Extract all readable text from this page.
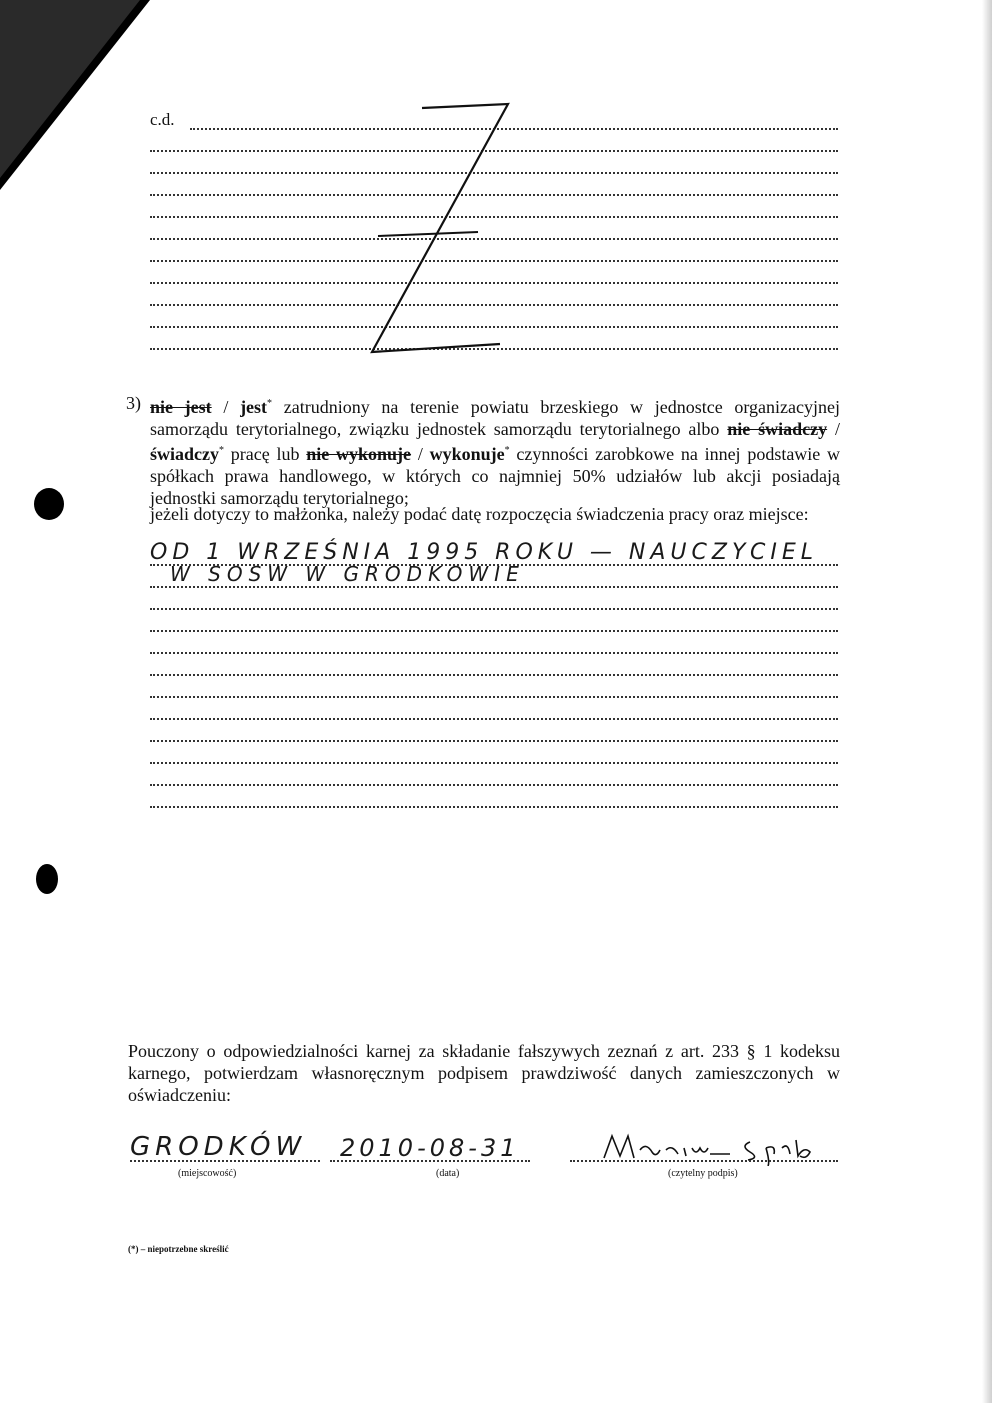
c.d.
3) nie jest / jest* zatrudniony na terenie powiatu brzeskiego w jednostce organizacyjnej samorządu terytorialnego, związku jednostek samorządu terytorialnego albo nie świadczy / świadczy* pracę lub nie wykonuje / wykonuje* czynności zarobkowe na innej podstawie w spółkach prawa handlowego, w których co najmniej 50% udziałów lub akcji posiadają jednostki samorządu terytorialnego;
jeżeli dotyczy to małżonka, należy podać datę rozpoczęcia świadczenia pracy oraz miejsce:
OD 1 WRZEŚNIA 1995 ROKU — NAUCZYCIEL
W SOSW W GRODKOWIE
Pouczony o odpowiedzialności karnej za składanie fałszywych zeznań z art. 233 § 1 kodeksu karnego, potwierdzam własnoręcznym podpisem prawdziwość danych zamieszczonych w oświadczeniu:
GRODKÓW
(miejscowość)
2010-08-31
(data)	(czytelny podpis)
(*) – niepotrzebne skreślić
